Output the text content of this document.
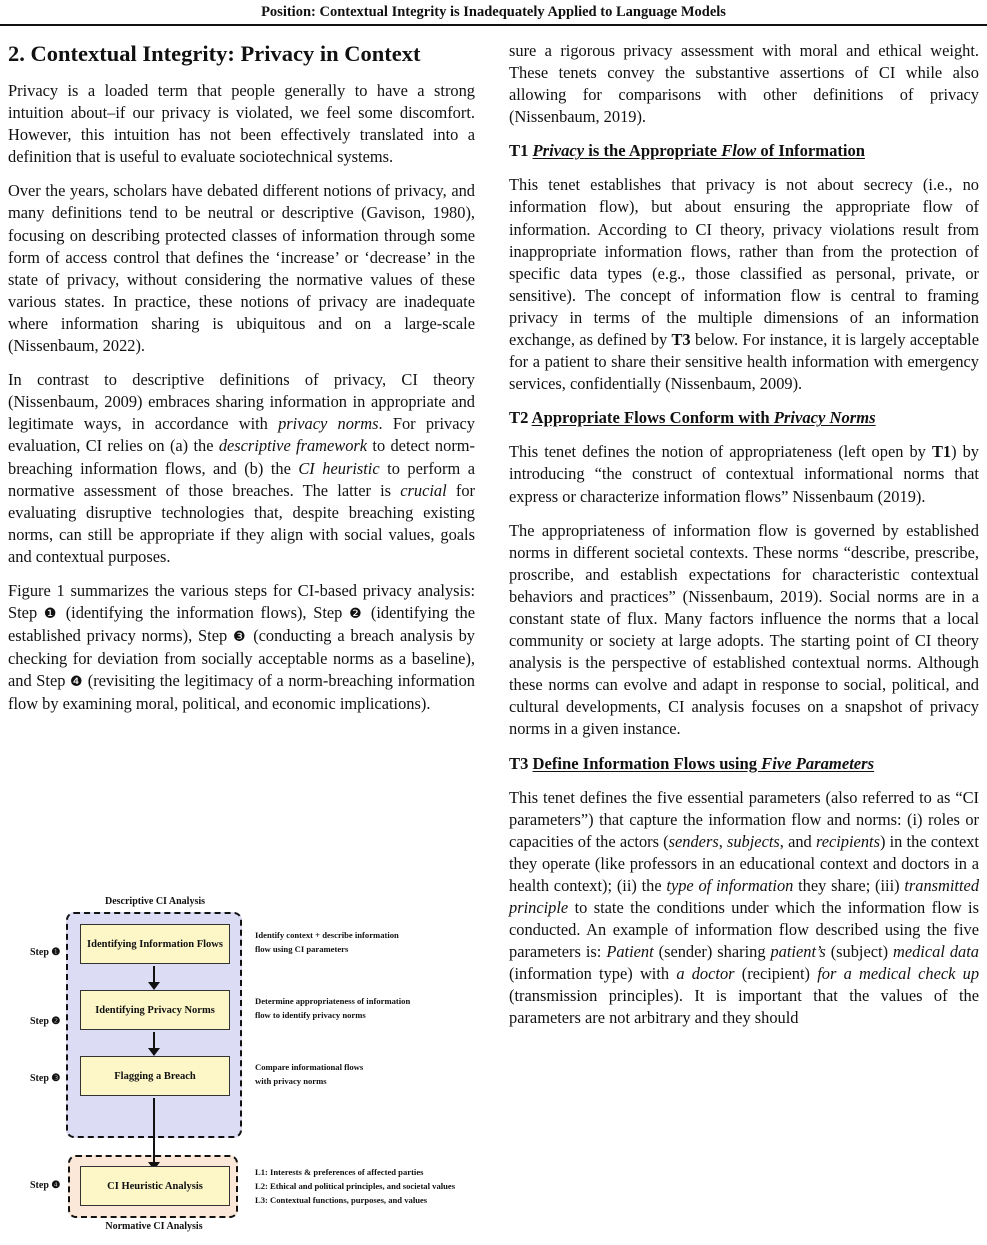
Position: Contextual Integrity is Inadequately Applied to Language Models
2. Contextual Integrity: Privacy in Context

Privacy is a loaded term that people generally to have a strong intuition about–if our privacy is violated, we feel some discomfort. However, this intuition has not been effectively translated into a definition that is useful to evaluate sociotechnical systems.

Over the years, scholars have debated different notions of privacy, and many definitions tend to be neutral or descriptive (Gavison, 1980), focusing on describing protected classes of information through some form of access control that defines the ‘increase’ or ‘decrease’ in the state of privacy, without considering the normative values of these various states. In practice, these notions of privacy are inadequate where information sharing is ubiquitous and on a large-scale (Nissenbaum, 2022).

In contrast to descriptive definitions of privacy, CI theory (Nissenbaum, 2009) embraces sharing information in appropriate and legitimate ways, in accordance with privacy norms. For privacy evaluation, CI relies on (a) the descriptive framework to detect norm-breaching information flows, and (b) the CI heuristic to perform a normative assessment of those breaches. The latter is crucial for evaluating disruptive technologies that, despite breaching existing norms, can still be appropriate if they align with social values, goals and contextual purposes.

Figure 1 summarizes the various steps for CI-based privacy analysis: Step ❶ (identifying the information flows), Step ❷ (identifying the established privacy norms), Step ❸ (conducting a breach analysis by checking for deviation from socially acceptable norms as a baseline), and Step ❹ (revisiting the legitimacy of a norm-breaching information flow by examining moral, political, and economic implications).

Descriptive CI Analysis
Step ❶
Identifying Information Flows
Identify context + describe information
flow using CI parameters
Step ❷
Identifying Privacy Norms
Determine appropriateness of information
flow to identify privacy norms
Step ❸	Flagging a Breach
Compare informational flows
with privacy norms
Step ❹	CI Heuristic Analysis
L1: Interests & preferences of affected parties
L2: Ethical and political principles, and societal values
L3: Contextual functions, purposes, and values
Normative CI Analysis

sure a rigorous privacy assessment with moral and ethical weight. These tenets convey the substantive assertions of CI while also allowing for comparisons with other definitions of privacy (Nissenbaum, 2019).

T1 Privacy is the Appropriate Flow of Information

This tenet establishes that privacy is not about secrecy (i.e., no information flow), but about ensuring the appropriate flow of information. According to CI theory, privacy violations result from inappropriate information flows, rather than from the protection of specific data types (e.g., those classified as personal, private, or sensitive). The concept of information flow is central to framing privacy in terms of the multiple dimensions of an information exchange, as defined by T3 below. For instance, it is largely acceptable for a patient to share their sensitive health information with emergency services, confidentially (Nissenbaum, 2009).

T2 Appropriate Flows Conform with Privacy Norms

This tenet defines the notion of appropriateness (left open by T1) by introducing “the construct of contextual informational norms that express or characterize information flows” Nissenbaum (2019).

The appropriateness of information flow is governed by established norms in different societal contexts. These norms “describe, prescribe, proscribe, and establish expectations for characteristic contextual behaviors and practices” (Nissenbaum, 2019). Social norms are in a constant state of flux. Many factors influence the norms that a local community or society at large adopts. The starting point of CI theory analysis is the perspective of established contextual norms. Although these norms can evolve and adapt in response to social, political, and cultural developments, CI analysis focuses on a snapshot of privacy norms in a given instance.

T3 Define Information Flows using Five Parameters

This tenet defines the five essential parameters (also referred to as “CI parameters”) that capture the information flow and norms: (i) roles or capacities of the actors (senders, subjects, and recipients) in the context they operate (like professors in an educational context and doctors in a health context); (ii) the type of information they share; (iii) transmitted principle to state the conditions under which the information flow is conducted. An example of information flow described using the five parameters is: Patient (sender) sharing patient’s (subject) medical data (information type) with a doctor (recipient) for a medical check up (transmission principles). It is important that the values of the parameters are not arbitrary and they should
